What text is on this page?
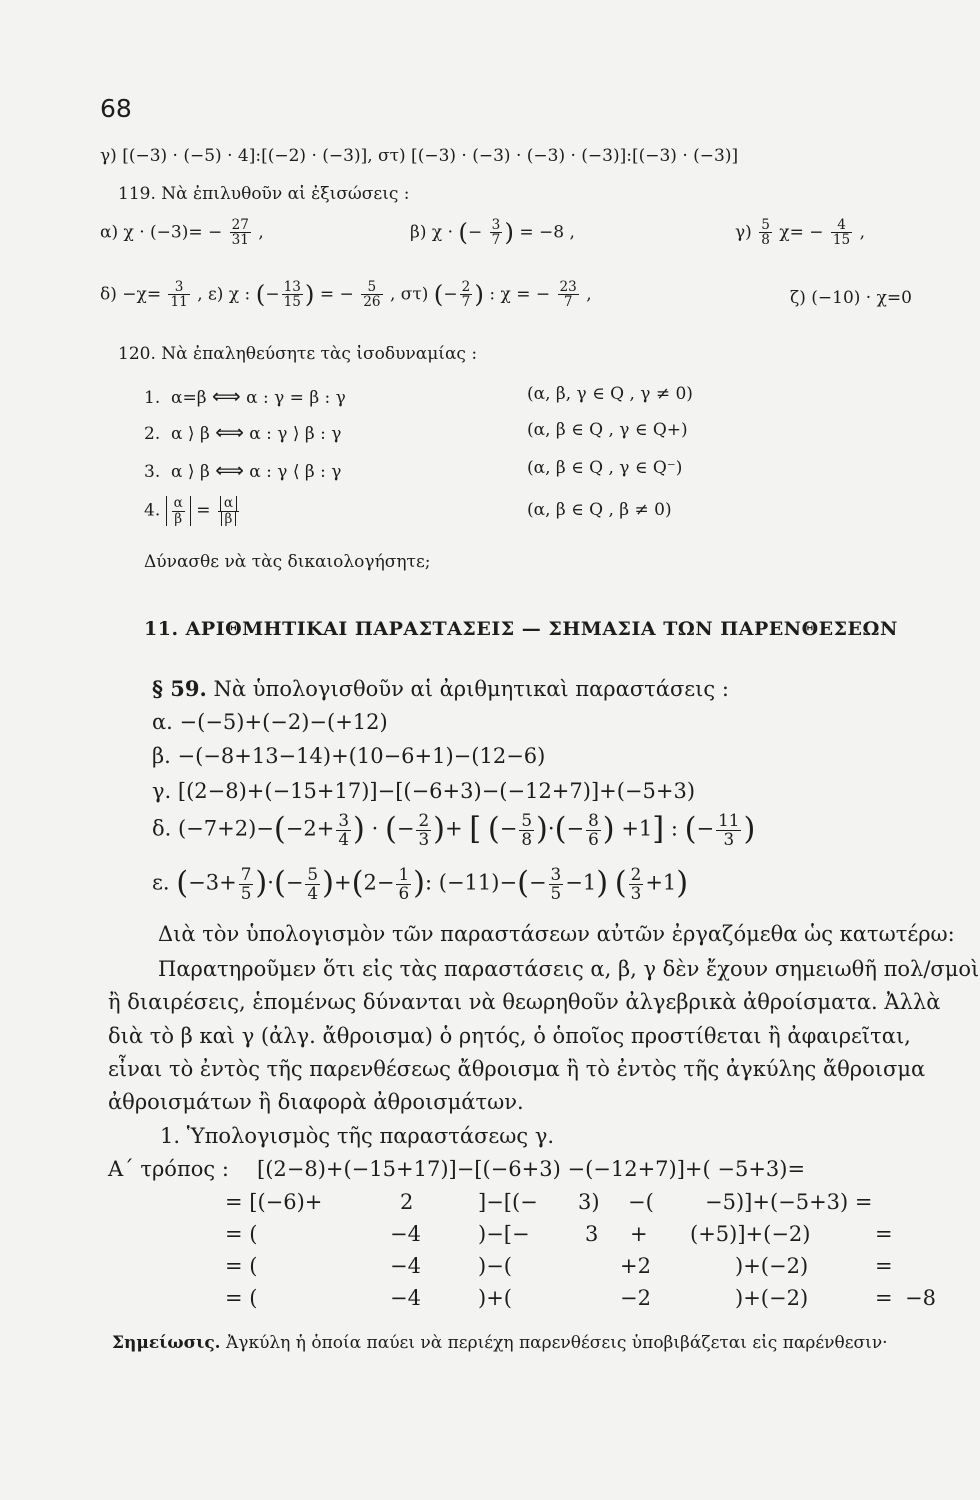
68
γ) [(−3) · (−5) · 4]:[(−2) · (−3)], στ) [(−3) · (−3) · (−3) · (−3)]:[(−3) · (−3)]
119. Νὰ ἐπιλυθοῦν αἱ ἐξισώσεις :
α) $\chi \cdot (-3)= - \frac{27}{31}$ ,	β) χ · (− $\frac{3}{7}$ ) = −8 ,	$\gamma) \frac{5}{8} \chi= - \frac{4}{15}$ ,
$\delta) -\chi= \frac{3}{11}$ , ε) χ : (− $\frac{13}{15}$ ) = − $\frac{5}{26}$ , στ) (− $\frac{2}{7}$ ) : χ = − $\frac{23}{7}$ ,	ζ) (−10) · χ=0
120. Νὰ ἐπαληθεύσητε τὰς ἰσοδυναμίας :
1. α=β ⟺ α : γ = β : γ	(α, β, γ ∈ Q , γ ≠ 0)
2. α ⟩ β ⟺ α : γ ⟩ β : γ	(α, β ∈ Q , γ ∈ Q+)
3. α ⟩ β ⟺ α : γ ⟨ β : γ	(α, β ∈ Q , γ ∈ Q⁻)
4. $\frac{\alpha}{\beta} = \frac{\alpha}{\beta}$	(α, β ∈ Q , β ≠ 0)
Δύνασθε νὰ τὰς δικαιολογήσητε;
11. ΑΡΙΘΜΗΤΙΚΑΙ ΠΑΡΑΣΤΑΣΕΙΣ — ΣΗΜΑΣΙΑ ΤΩΝ ΠΑΡΕΝΘΕΣΕΩΝ
§ 59. Νὰ ὑπολογισθοῦν αἱ ἀριθμητικαὶ παραστάσεις :
α. −(−5)+(−2)−(+12)
β. −(−8+13−14)+(10−6+1)−(12−6)
γ. [(2−8)+(−15+17)]−[(−6+3)−(−12+7)]+(−5+3)
δ. $(-7+2)-(-2+ \frac{3}{4}$ ) · (− $\frac{2}{3}$ )+ [ (− $\frac{5}{8}$ )·(− $\frac{8}{6}$ ) +1] : (− $\frac{11}{3}$ )
ε. ($-3+ \frac{7}{5}$ )·(− $\frac{5}{4} )+(2- \frac{1}{6}$ ): $(-11)-(- \frac{3}{5} -1)$ ( $\frac{2}{3} +1$)
Διὰ τὸν ὑπολογισμὸν τῶν παραστάσεων αὐτῶν ἐργαζόμεθα ὡς κατωτέρω:
Παρατηροῦμεν ὅτι εἰς τὰς παραστάσεις α, β, γ δὲν ἔχουν σημειωθῆ πολ/σμοὶ
ἢ διαιρέσεις, ἑπομένως δύνανται νὰ θεωρηθοῦν ἀλγεβρικὰ ἀθροίσματα. Ἀλλὰ
διὰ τὸ β καὶ γ (ἀλγ. ἄθροισμα) ὁ ρητός, ὁ ὁποῖος προστίθεται ἢ ἀφαιρεῖται,
εἶναι τὸ ἐντὸς τῆς παρενθέσεως ἄθροισμα ἢ τὸ ἐντὸς τῆς ἀγκύλης ἄθροισμα
ἀθροισμάτων ἢ διαφορὰ ἀθροισμάτων.
1. Ὑπολογισμὸς τῆς παραστάσεως γ.
Α΄ τρόπος : [(2−8)+(−15+17)]−[(−6+3) −(−12+7)]+( −5+3)=
= [(−6)+	2	]−[(− 3) −( −5)]+(−5+3) =
= (	−4	)−[−	3 + (+5)]+(−2)	=
= (	−4	)−(	+2	)+(−2)	=
= (	−4	)+(	−2	)+(−2)	= −8
Σημείωσις. Ἀγκύλη ἡ ὁποία παύει νὰ περιέχη παρενθέσεις ὑποβιβάζεται εἰς παρένθεσιν·
